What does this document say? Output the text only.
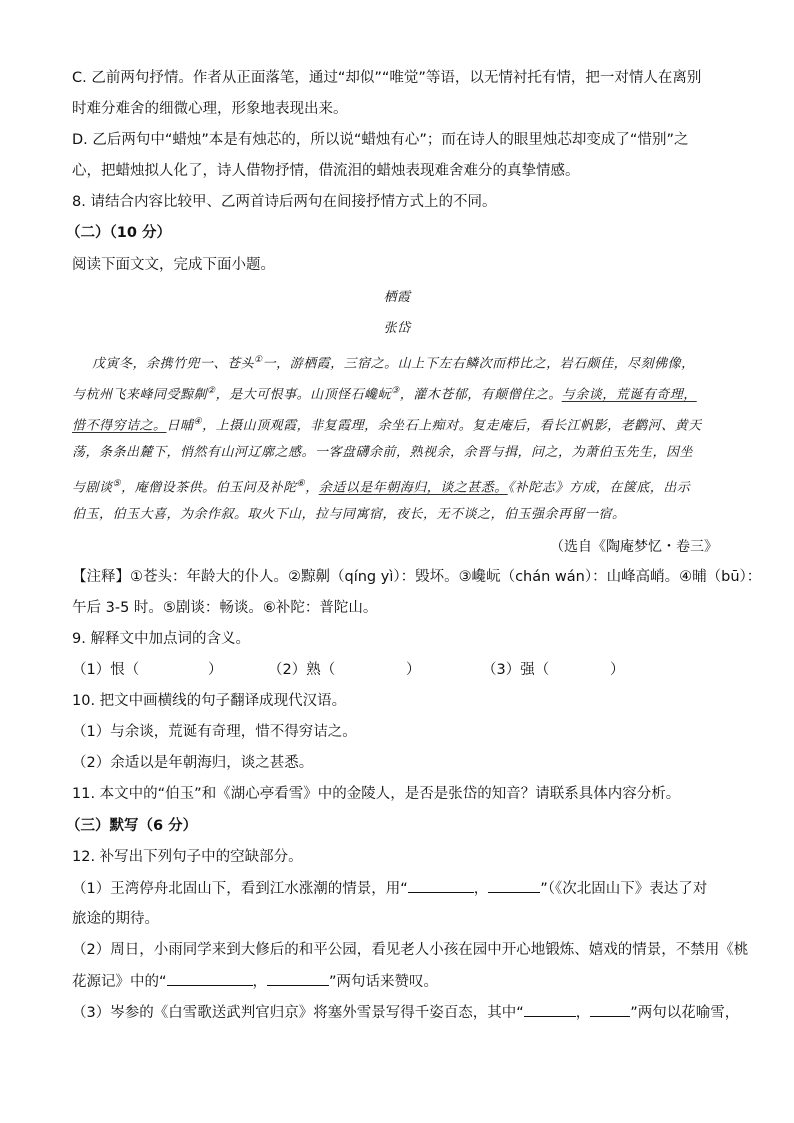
C. 乙前两句抒情。作者从正面落笔，通过“却似”“唯觉”等语，以无情衬托有情，把一对情人在离别
时难分难舍的细微心理，形象地表现出来。
D. 乙后两句中“蜡烛”本是有烛芯的，所以说“蜡烛有心”；而在诗人的眼里烛芯却变成了“惜别”之
心，把蜡烛拟人化了，诗人借物抒情，借流泪的蜡烛表现难舍难分的真挚情感。
8. 请结合内容比较甲、乙两首诗后两句在间接抒情方式上的不同。
（二）（10 分）
阅读下面文文，完成下面小题。
栖霞
张岱
戊寅冬，余携竹兜一、苍头①一，游栖霞，三宿之。山上下左右鳞次而栉比之，岩石颇佳，尽刻佛像，
与杭州飞来峰同受黥劓②，是大可恨事。山顶怪石巉岏③，灌木苍郁，有颠僧住之。与余谈，荒诞有奇理，
惜不得穷诘之。日晡④，上摄山顶观霞，非复霞理，余坐石上痴对。复走庵后，看长江帆影，老鹳河、黄天
荡，条条出麓下，悄然有山河辽廓之感。一客盘礴余前，熟视余，余晋与揖，问之，为萧伯玉先生，因坐
与剧谈⑤，庵僧设茶供。伯玉问及补陀⑥，余适以是年朝海归，谈之甚悉。《补陀志》方成，在箧底，出示
伯玉，伯玉大喜，为余作叙。取火下山，拉与同寓宿，夜长，无不谈之，伯玉强余再留一宿。
（选自《陶庵梦忆・卷三》
【注释】①苍头：年龄大的仆人。②黥劓（qíng yì）：毁坏。③巉岏（chán wán）：山峰高峭。④晡（bū）：
午后 3-5 时。⑤剧谈：畅谈。⑥补陀：普陀山。
9. 解释文中加点词的含义。
（1）恨（	）	（2）熟（	）	（3）强（	）
10. 把文中画横线的句子翻译成现代汉语。
（1）与余谈，荒诞有奇理，惜不得穷诘之。
（2）余适以是年朝海归，谈之甚悉。
11. 本文中的“伯玉”和《湖心亭看雪》中的金陵人，是否是张岱的知音？请联系具体内容分析。
（三）默写（6 分）
12. 补写出下列句子中的空缺部分。
（1）王湾停舟北固山下，看到江水涨潮的情景，用“	，	”（《次北固山下》表达了对
旅途的期待。
（2）周日，小雨同学来到大修后的和平公园，看见老人小孩在园中开心地锻炼、嬉戏的情景，不禁用《桃
花源记》中的“	，	”两句话来赞叹。
（3）岑参的《白雪歌送武判官归京》将塞外雪景写得千姿百态，其中“	，	”两句以花喻雪，
